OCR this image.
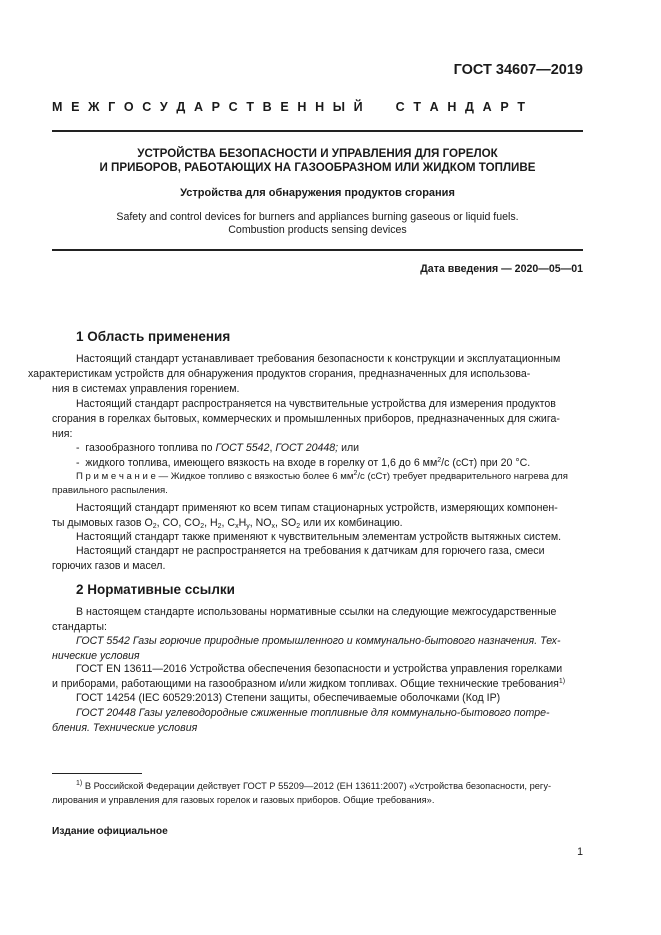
ГОСТ 34607—2019
М Е Ж Г О С У Д А Р С Т В Е Н Н Ы Й     С Т А Н Д А Р Т
УСТРОЙСТВА БЕЗОПАСНОСТИ И УПРАВЛЕНИЯ ДЛЯ ГОРЕЛОК
И ПРИБОРОВ, РАБОТАЮЩИХ НА ГАЗООБРАЗНОМ ИЛИ ЖИДКОМ ТОПЛИВЕ
Устройства для обнаружения продуктов сгорания
Safety and control devices for burners and appliances burning gaseous or liquid fuels.
Combustion products sensing devices
Дата введения — 2020—05—01
1 Область применения
Настоящий стандарт устанавливает требования безопасности к конструкции и эксплуатационным
характеристикам устройств для обнаружения продуктов сгорания, предназначенных для использова-
ния в системах управления горением.
Настоящий стандарт распространяется на чувствительные устройства для измерения продуктов
сгорания в горелках бытовых, коммерческих и промышленных приборов, предназначенных для сжига-
ния:
-  газообразного топлива по ГОСТ 5542, ГОСТ 20448; или
-  жидкого топлива, имеющего вязкость на входе в горелку от 1,6 до 6 $мм^2/с$ (сСт) при 20 °С.
П р и м е ч а н и е — Жидкое топливо с вязкостью более 6 $мм^2/с$ (сСт) требует предварительного нагрева для
правильного распыления.
Настоящий стандарт применяют ко всем типам стационарных устройств, измеряющих компонен-
ты дымовых газов $O_2$, CO, $CO_2$, $H_2$, $C_xH_y$, $NO_x$, $SO_2$ или их комбинацию.
Настоящий стандарт также применяют к чувствительным элементам устройств вытяжных систем.
Настоящий стандарт не распространяется на требования к датчикам для горючего газа, смеси
горючих газов и масел.
2 Нормативные ссылки
В настоящем стандарте использованы нормативные ссылки на следующие межгосударственные
стандарты:
ГОСТ 5542 Газы горючие природные промышленного и коммунально-бытового назначения. Тех-
нические условия
ГОСТ EN 13611—2016 Устройства обеспечения безопасности и устройства управления горелками
и приборами, работающими на газообразном и/или жидком топливах. Общие технические требования$^{1)}$
ГОСТ 14254 (IEC 60529:2013) Степени защиты, обеспечиваемые оболочками (Код IP)
ГОСТ 20448 Газы углеводородные сжиженные топливные для коммунально-бытового потре-
бления. Технические условия
$^{1)}$ В Российской Федерации действует ГОСТ Р 55209—2012 (ЕН 13611:2007) «Устройства безопасности, регу-
лирования и управления для газовых горелок и газовых приборов. Общие требования».
Издание официальное
1
